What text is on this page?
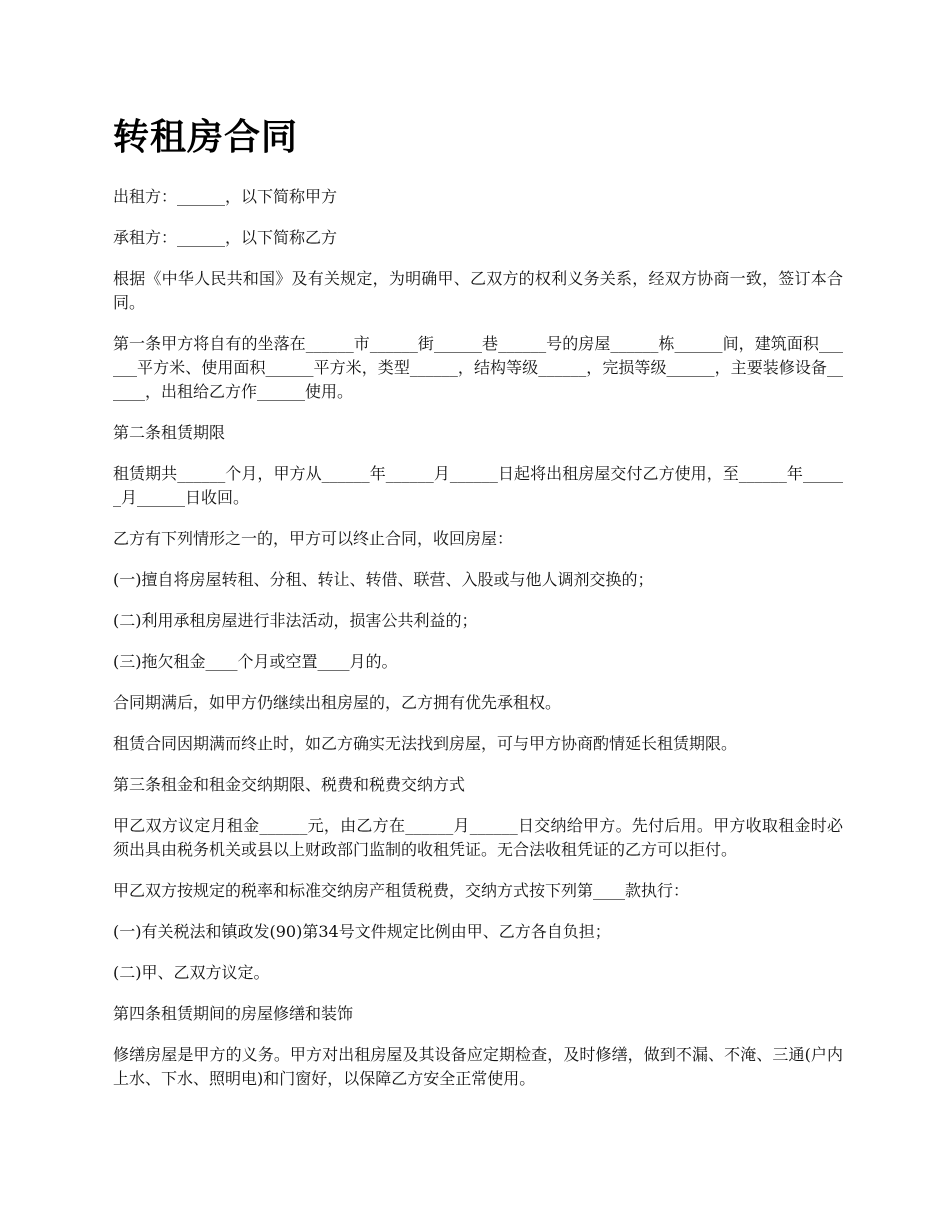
转租房合同

出租方：______，以下简称甲方

承租方：______，以下简称乙方

根据《中华人民共和国》及有关规定，为明确甲、乙双方的权利义务关系，经双方协商一致，签订本合同。

第一条甲方将自有的坐落在______市______街______巷______号的房屋______栋______间，建筑面积______平方米、使用面积______平方米，类型______，结构等级______，完损等级______，主要装修设备______，出租给乙方作______使用。

第二条租赁期限

租赁期共______个月，甲方从______年______月______日起将出租房屋交付乙方使用，至______年______月______日收回。

乙方有下列情形之一的，甲方可以终止合同，收回房屋：

(一)擅自将房屋转租、分租、转让、转借、联营、入股或与他人调剂交换的；

(二)利用承租房屋进行非法活动，损害公共利益的；

(三)拖欠租金____个月或空置____月的。

合同期满后，如甲方仍继续出租房屋的，乙方拥有优先承租权。

租赁合同因期满而终止时，如乙方确实无法找到房屋，可与甲方协商酌情延长租赁期限。

第三条租金和租金交纳期限、税费和税费交纳方式

甲乙双方议定月租金______元，由乙方在______月______日交纳给甲方。先付后用。甲方收取租金时必须出具由税务机关或县以上财政部门监制的收租凭证。无合法收租凭证的乙方可以拒付。

甲乙双方按规定的税率和标准交纳房产租赁税费，交纳方式按下列第____款执行：

(一)有关税法和镇政发(90)第34号文件规定比例由甲、乙方各自负担；

(二)甲、乙双方议定。

第四条租赁期间的房屋修缮和装饰

修缮房屋是甲方的义务。甲方对出租房屋及其设备应定期检查，及时修缮，做到不漏、不淹、三通(户内上水、下水、照明电)和门窗好，以保障乙方安全正常使用。
